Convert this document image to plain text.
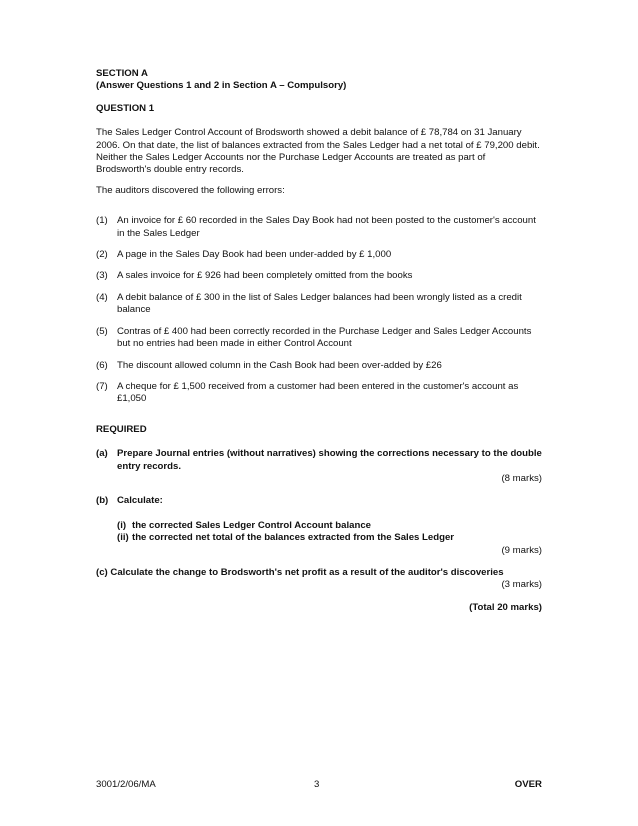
SECTION A

(Answer Questions 1 and 2 in Section A – Compulsory)

QUESTION 1

The Sales Ledger Control Account of Brodsworth showed a debit balance of £ 78,784 on 31 January 2006. On that date, the list of balances extracted from the Sales Ledger had a net total of £ 79,200 debit. Neither the Sales Ledger Accounts nor the Purchase Ledger Accounts are treated as part of Brodsworth's double entry records.

The auditors discovered the following errors:

(1) An invoice for £ 60 recorded in the Sales Day Book had not been posted to the customer's account in the Sales Ledger
(2) A page in the Sales Day Book had been under-added by £ 1,000
(3) A sales invoice for £ 926 had been completely omitted from the books
(4) A debit balance of £ 300 in the list of Sales Ledger balances had been wrongly listed as a credit balance
(5) Contras of £ 400 had been correctly recorded in the Purchase Ledger and Sales Ledger Accounts but no entries had been made in either Control Account
(6) The discount allowed column in the Cash Book had been over-added by £26
(7) A cheque for £ 1,500 received from a customer had been entered in the customer's account as £1,050

REQUIRED

(a) Prepare Journal entries (without narratives) showing the corrections necessary to the double entry records.

(8 marks)

(b) Calculate:
(i) the corrected Sales Ledger Control Account balance
(ii) the corrected net total of the balances extracted from the Sales Ledger

(9 marks)

(c) Calculate the change to Brodsworth's net profit as a result of the auditor's discoveries

(3 marks)

(Total 20 marks)

3001/2/06/MA	3	OVER
